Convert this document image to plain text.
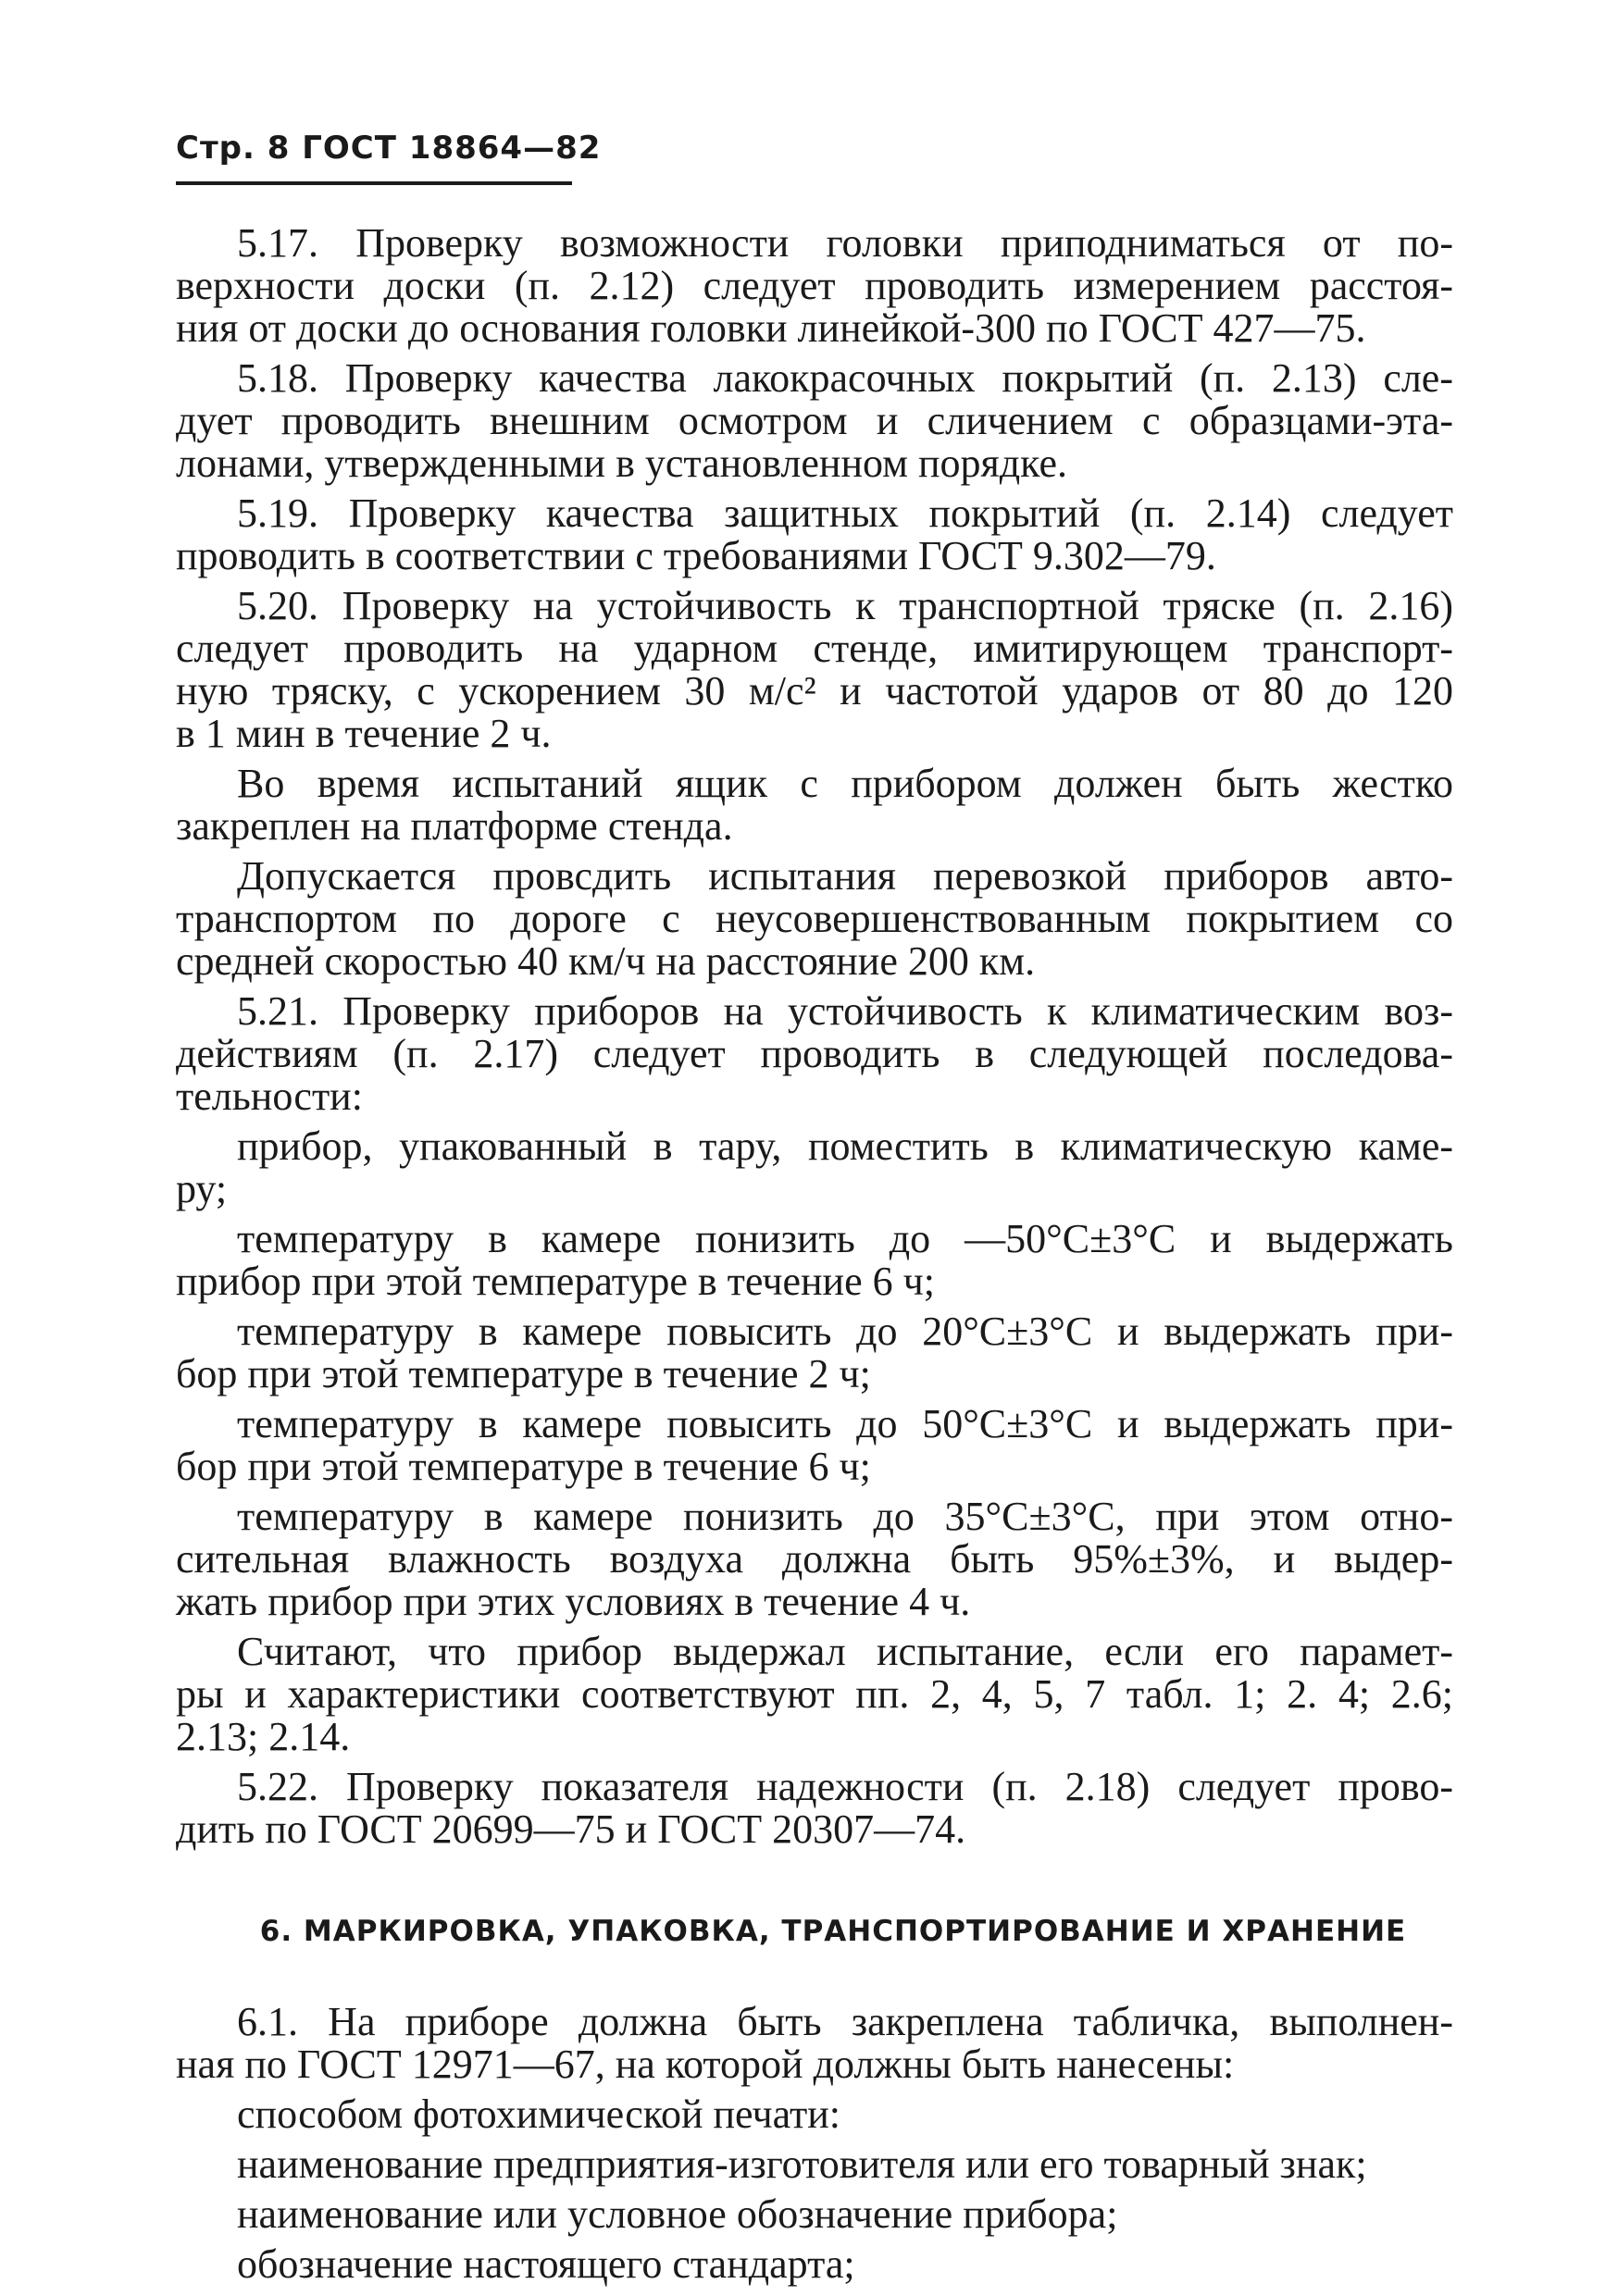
Стр. 8 ГОСТ 18864—82
5.17. Проверку возможности головки приподниматься от по-
верхности доски (п. 2.12) следует проводить измерением расстоя-
ния от доски до основания головки линейкой-300 по ГОСТ 427—75.
5.18. Проверку качества лакокрасочных покрытий (п. 2.13) сле-
дует проводить внешним осмотром и сличением с образцами-эта-
лонами, утвержденными в установленном порядке.
5.19. Проверку качества защитных покрытий (п. 2.14) следует
проводить в соответствии с требованиями ГОСТ 9.302—79.
5.20. Проверку на устойчивость к транспортной тряске (п. 2.16)
следует проводить на ударном стенде, имитирующем транспорт-
ную тряску, с ускорением 30 м/с² и частотой ударов от 80 до 120
в 1 мин в течение 2 ч.
Во время испытаний ящик с прибором должен быть жестко
закреплен на платформе стенда.
Допускается провсдить испытания перевозкой приборов авто-
транспортом по дороге с неусовершенствованным покрытием со
средней скоростью 40 км/ч на расстояние 200 км.
5.21. Проверку приборов на устойчивость к климатическим воз-
действиям (п. 2.17) следует проводить в следующей последова-
тельности:
прибор, упакованный в тару, поместить в климатическую каме-
ру;
температуру в камере понизить до —50°C±3°C и выдержать
прибор при этой температуре в течение 6 ч;
температуру в камере повысить до 20°C±3°C и выдержать при-
бор при этой температуре в течение 2 ч;
температуру в камере повысить до 50°C±3°C и выдержать при-
бор при этой температуре в течение 6 ч;
температуру в камере понизить до 35°C±3°C, при этом отно-
сительная влажность воздуха должна быть 95%±3%, и выдер-
жать прибор при этих условиях в течение 4 ч.
Считают, что прибор выдержал испытание, если его парамет-
ры и характеристики соответствуют пп. 2, 4, 5, 7 табл. 1; 2. 4; 2.6;
2.13; 2.14.
5.22. Проверку показателя надежности (п. 2.18) следует прово-
дить по ГОСТ 20699—75 и ГОСТ 20307—74.
6. МАРКИРОВКА, УПАКОВКА, ТРАНСПОРТИРОВАНИЕ И ХРАНЕНИЕ
6.1. На приборе должна быть закреплена табличка, выполнен-
ная по ГОСТ 12971—67, на которой должны быть нанесены:
способом фотохимической печати:
наименование предприятия-изготовителя или его товарный знак;
наименование или условное обозначение прибора;
обозначение настоящего стандарта;
